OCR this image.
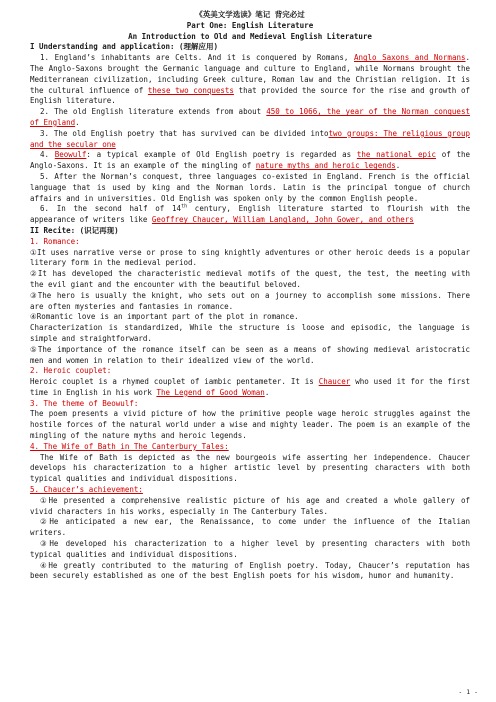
《英美文学选读》笔记 背完必过
Part One: English Literature
An Introduction to Old and Medieval English Literature
I Understanding and application: (理解应用)
1. England’s inhabitants are Celts. And it is conquered by Romans, Anglo Saxons and Normans. The Anglo-Saxons brought the Germanic language and culture to England, while Normans brought the Mediterranean civilization, including Greek culture, Roman law and the Christian religion. It is the cultural influence of these two conquests that provided the source for the rise and growth of English literature.
2. The old English literature extends from about 450 to 1066, the year of the Norman conquest of England.
3. The old English poetry that has survived can be divided intotwo groups: The religious group and the secular one
4. Beowulf: a typical example of Old English poetry is regarded as the national epic of the Anglo-Saxons. It is an example of the mingling of nature myths and heroic legends.
5. After the Norman’s conquest, three languages co-existed in England. French is the official language that is used by king and the Norman lords. Latin is the principal tongue of church affairs and in universities. Old English was spoken only by the common English people.
6. In the second half of 14th century, English literature started to flourish with the appearance of writers like Geoffrey Chaucer, William Langland, John Gower, and others
II Recite: (识记再现)
1. Romance:
①It uses narrative verse or prose to sing knightly adventures or other heroic deeds is a popular literary form in the medieval period.
②It has developed the characteristic medieval motifs of the quest, the test, the meeting with the evil giant and the encounter with the beautiful beloved.
③The hero is usually the knight, who sets out on a journey to accomplish some missions. There are often mysteries and fantasies in romance.
④Romantic love is an important part of the plot in romance.
Characterization is standardized, While the structure is loose and episodic, the language is simple and straightforward.
⑤The importance of the romance itself can be seen as a means of showing medieval aristocratic men and women in relation to their idealized view of the world.
2. Heroic couplet:
Heroic couplet is a rhymed couplet of iambic pentameter. It is Chaucer who used it for the first time in English in his work The Legend of Good Woman.
3. The theme of Beowulf:
The poem presents a vivid picture of how the primitive people wage heroic struggles against the hostile forces of the natural world under a wise and mighty leader. The poem is an example of the mingling of the nature myths and heroic legends.
4. The Wife of Bath in The Canterbury Tales:
The Wife of Bath is depicted as the new bourgeois wife asserting her independence. Chaucer develops his characterization to a higher artistic level by presenting characters with both typical qualities and individual dispositions.
5. Chaucer’s achievement:
①He presented a comprehensive realistic picture of his age and created a whole gallery of vivid characters in his works, especially in The Canterbury Tales.
②He anticipated a new ear, the Renaissance, to come under the influence of the Italian writers.
③He developed his characterization to a higher level by presenting characters with both typical qualities and individual dispositions.
④He greatly contributed to the maturing of English poetry. Today, Chaucer’s reputation has been securely established as one of the best English poets for his wisdom, humor and humanity.
- 1 -
